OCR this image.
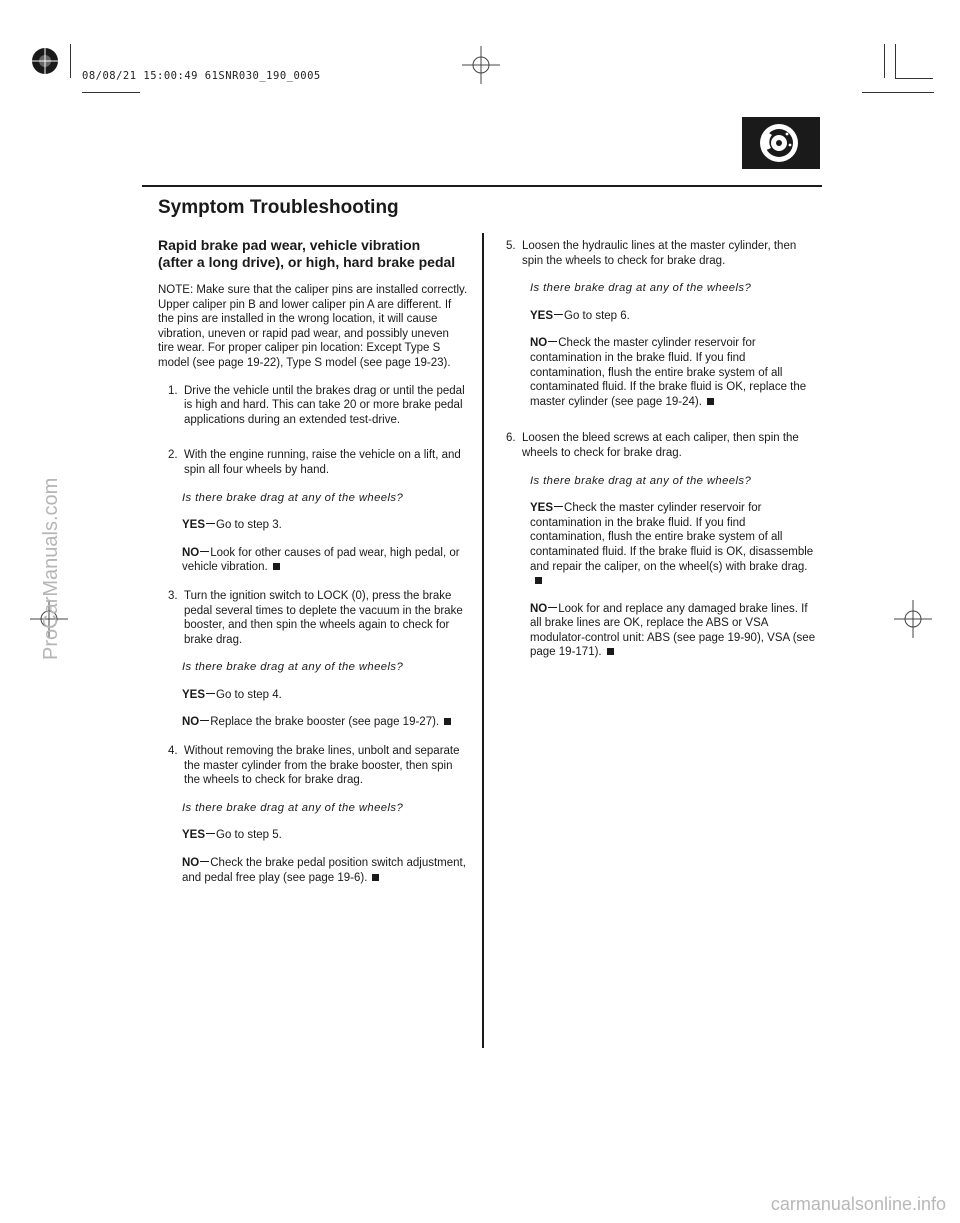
08/08/21 15:00:49 61SNR030_190_0005
ProCarManuals.com
carmanualsonline.info
Symptom Troubleshooting
Rapid brake pad wear, vehicle vibration
(after a long drive), or high, hard brake pedal

NOTE: Make sure that the caliper pins are installed correctly.
Upper caliper pin B and lower caliper pin A are different. If the pins are installed in the wrong location, it will cause vibration, uneven or rapid pad wear, and possibly uneven tire wear. For proper caliper pin location: Except Type S model (see page 19-22), Type S model (see page 19-23).

1. Drive the vehicle until the brakes drag or until the pedal is high and hard. This can take 20 or more brake pedal applications during an extended test-drive.

2. With the engine running, raise the vehicle on a lift, and spin all four wheels by hand.

Is there brake drag at any of the wheels?

YES Go to step 3.

NO Look for other causes of pad wear, high pedal, or vehicle vibration.

3. Turn the ignition switch to LOCK (0), press the brake pedal several times to deplete the vacuum in the brake booster, and then spin the wheels again to check for brake drag.

Is there brake drag at any of the wheels?

YES Go to step 4.

NO Replace the brake booster (see page 19-27).

4. Without removing the brake lines, unbolt and separate the master cylinder from the brake booster, then spin the wheels to check for brake drag.

Is there brake drag at any of the wheels?

YES Go to step 5.

NO Check the brake pedal position switch adjustment, and pedal free play (see page 19-6).

5. Loosen the hydraulic lines at the master cylinder, then spin the wheels to check for brake drag.

Is there brake drag at any of the wheels?

YES Go to step 6.

NO Check the master cylinder reservoir for contamination in the brake fluid. If you find contamination, flush the entire brake system of all contaminated fluid. If the brake fluid is OK, replace the master cylinder (see page 19-24).

6. Loosen the bleed screws at each caliper, then spin the wheels to check for brake drag.

Is there brake drag at any of the wheels?

YES Check the master cylinder reservoir for contamination in the brake fluid. If you find contamination, flush the entire brake system of all contaminated fluid. If the brake fluid is OK, disassemble and repair the caliper, on the wheel(s) with brake drag.

NO Look for and replace any damaged brake lines. If all brake lines are OK, replace the ABS or VSA modulator-control unit: ABS (see page 19-90), VSA (see page 19-171).
